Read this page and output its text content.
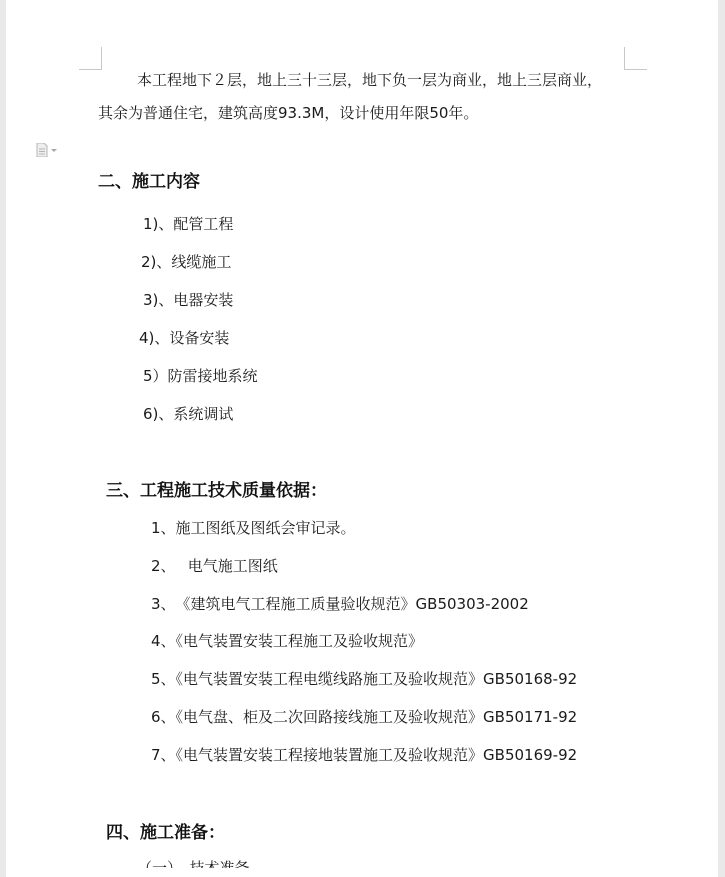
本工程地下２层，地上三十三层，地下负一层为商业，地上三层商业，
其余为普通住宅，建筑高度93.3M，设计使用年限50年。
二、施工内容
1)、配管工程
2)、线缆施工
3)、电器安装
4)、设备安装
5）防雷接地系统
6)、系统调试
三、工程施工技术质量依据：
1、施工图纸及图纸会审记录。
2、　 电气施工图纸
3、　《建筑电气工程施工质量验收规范》GB50303-2002
4、《电气装置安装工程施工及验收规范》
5、《电气装置安装工程电缆线路施工及验收规范》GB50168-92
6、《电气盘、柜及二次回路接线施工及验收规范》GB50171-92
7、《电气装置安装工程接地装置施工及验收规范》GB50169-92
四、施工准备：
